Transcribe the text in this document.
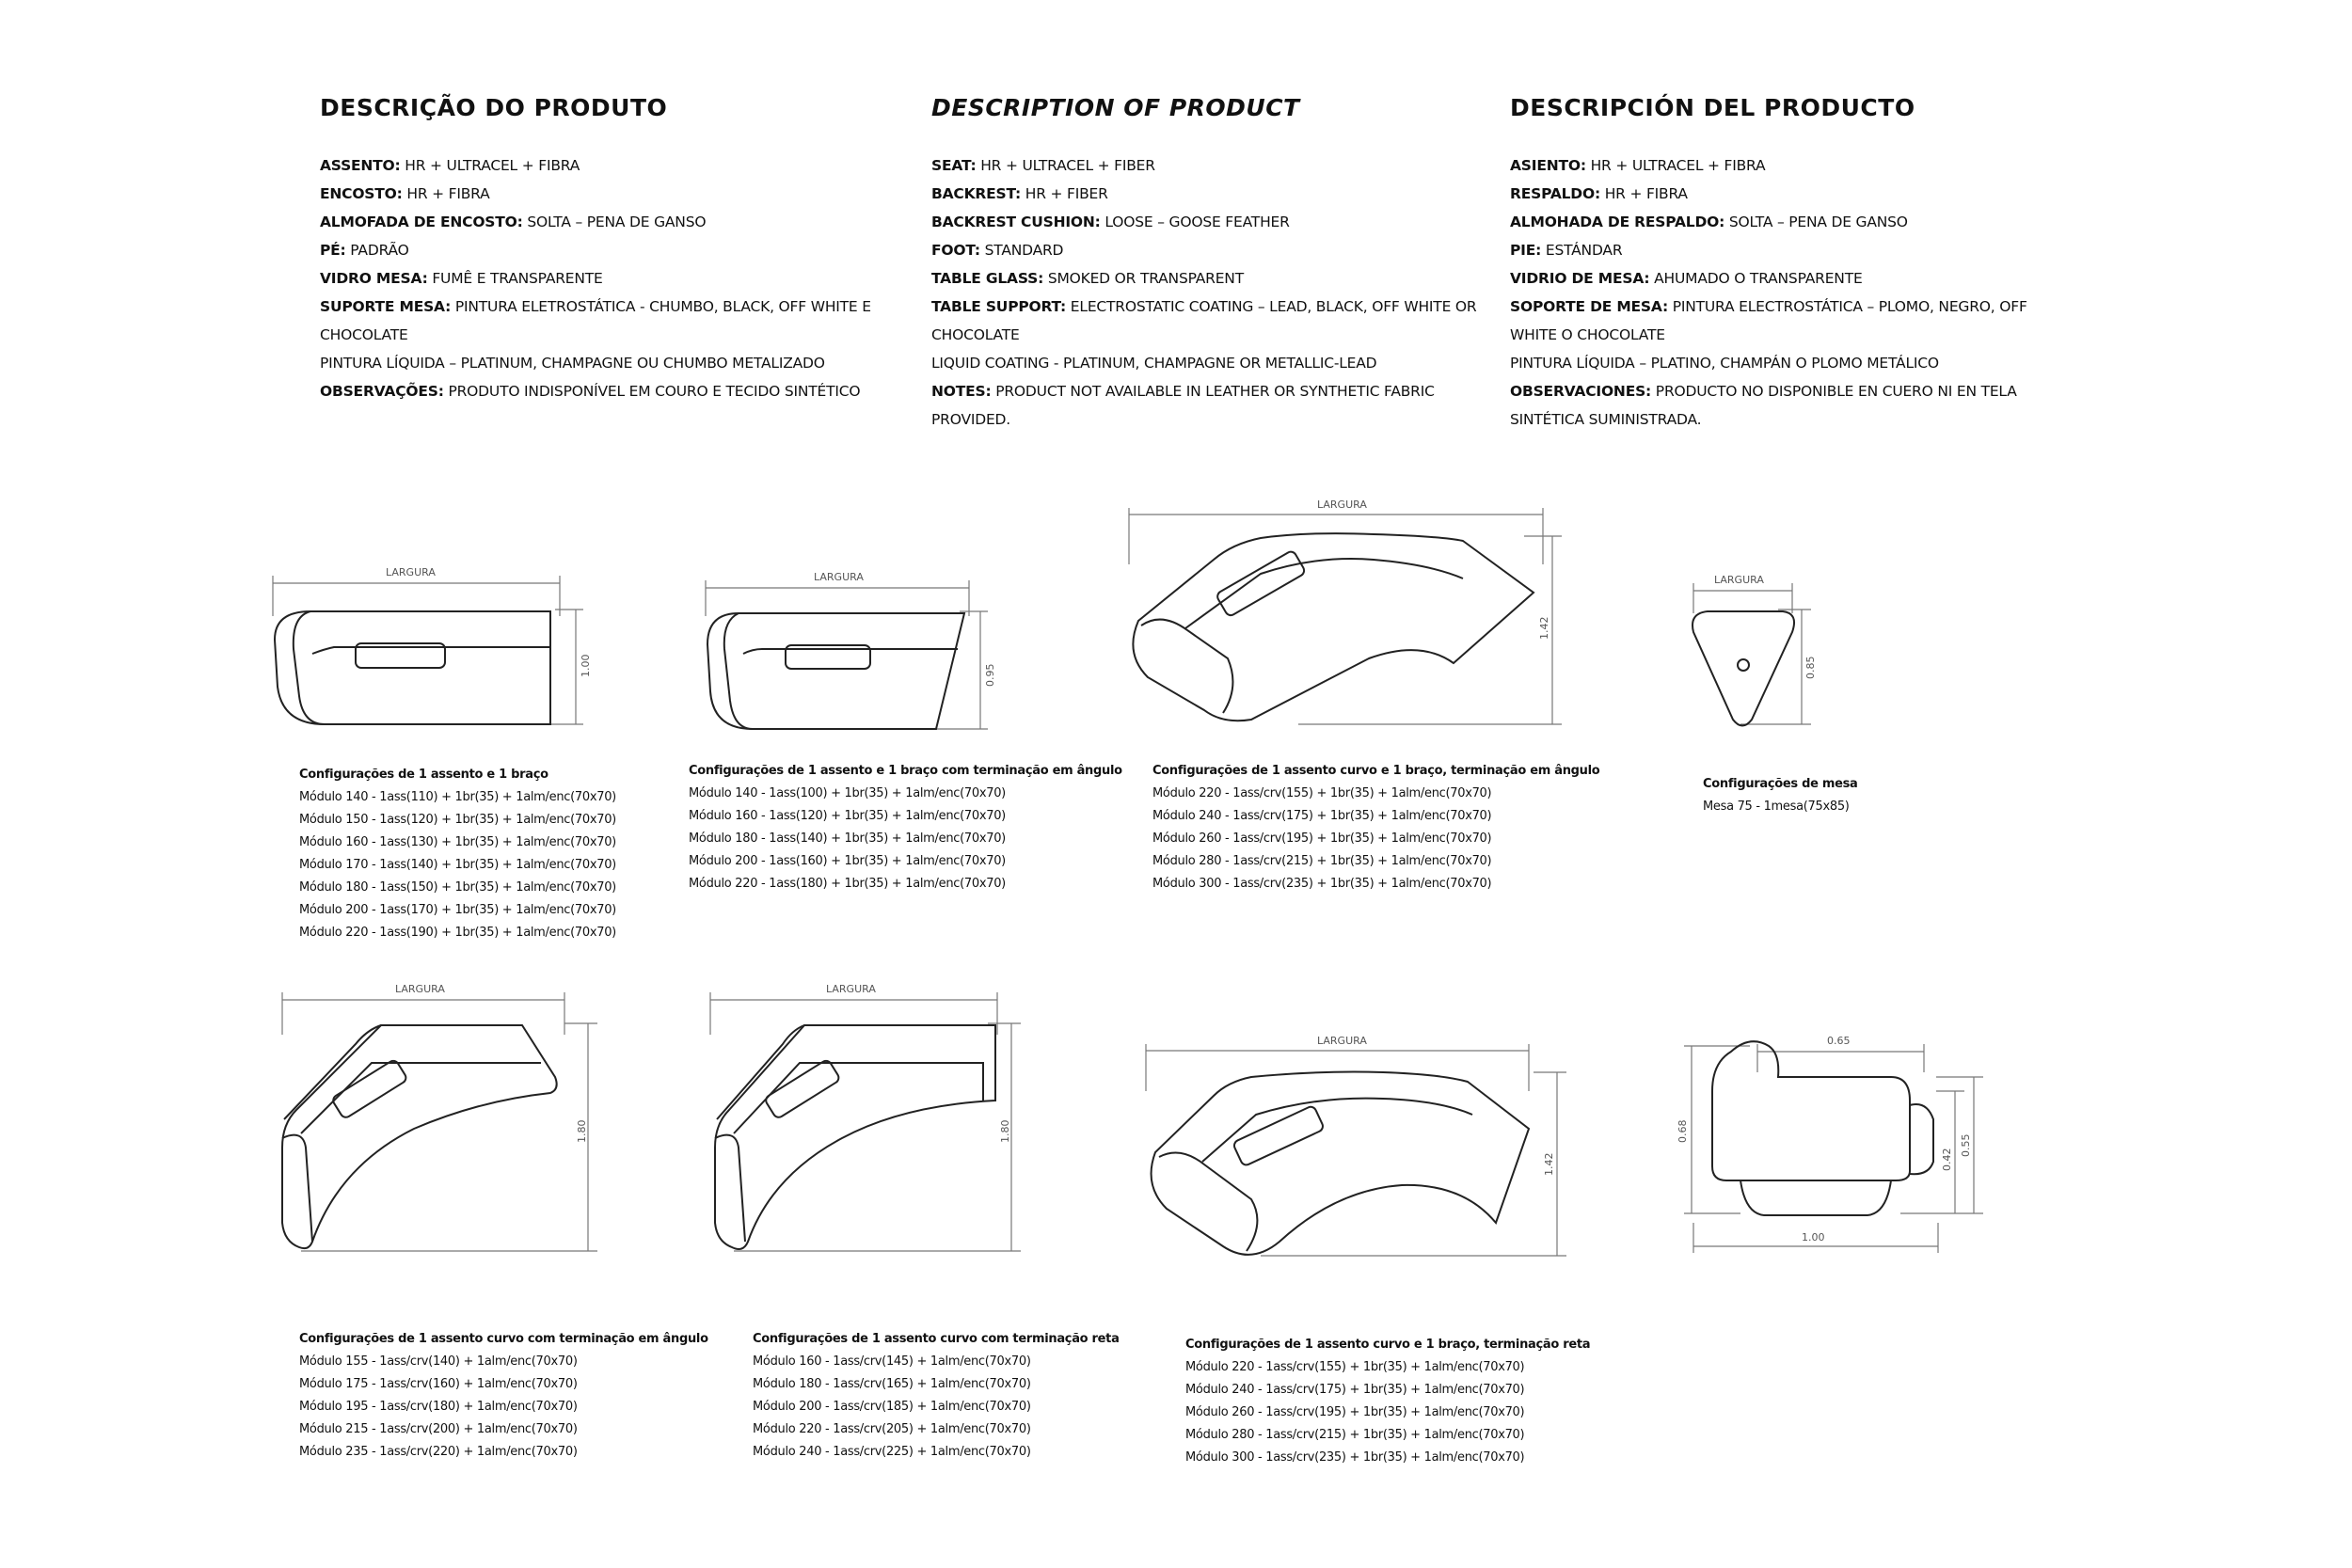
DESCRIÇÃO DO PRODUTO
ASSENTO: HR + ULTRACEL + FIBRA
ENCOSTO: HR + FIBRA
ALMOFADA DE ENCOSTO: SOLTA – PENA DE GANSO
PÉ: PADRÃO
VIDRO MESA: FUMÊ E TRANSPARENTE
SUPORTE MESA: PINTURA ELETROSTÁTICA - CHUMBO, BLACK, OFF WHITE E
CHOCOLATE
PINTURA LÍQUIDA – PLATINUM, CHAMPAGNE OU CHUMBO METALIZADO
OBSERVAÇÕES: PRODUTO INDISPONÍVEL EM COURO E TECIDO SINTÉTICO
DESCRIPTION OF PRODUCT
SEAT: HR + ULTRACEL + FIBER
BACKREST: HR + FIBER
BACKREST CUSHION: LOOSE – GOOSE FEATHER
FOOT: STANDARD
TABLE GLASS: SMOKED OR TRANSPARENT
TABLE SUPPORT: ELECTROSTATIC COATING – LEAD, BLACK, OFF WHITE OR
CHOCOLATE
LIQUID COATING - PLATINUM, CHAMPAGNE OR METALLIC-LEAD
NOTES: PRODUCT NOT AVAILABLE IN LEATHER OR SYNTHETIC FABRIC
PROVIDED.
DESCRIPCIÓN DEL PRODUCTO
ASIENTO: HR + ULTRACEL + FIBRA
RESPALDO: HR + FIBRA
ALMOHADA DE RESPALDO: SOLTA – PENA DE GANSO
PIE: ESTÁNDAR
VIDRIO DE MESA: AHUMADO O TRANSPARENTE
SOPORTE DE MESA: PINTURA ELECTROSTÁTICA – PLOMO, NEGRO, OFF
WHITE O CHOCOLATE
PINTURA LÍQUIDA – PLATINO, CHAMPÁN O PLOMO METÁLICO
OBSERVACIONES: PRODUCTO NO DISPONIBLE EN CUERO NI EN TELA
SINTÉTICA SUMINISTRADA.
LARGURA
1.00
LARGURA
0.95
LARGURA
1.42
LARGURA
0.85
LARGURA
1.80
LARGURA
1.80
LARGURA
1.42
0.65
0.68
0.55
0.42
1.00
Configurações de 1 assento e 1 braço
Módulo 140 - 1ass(110) + 1br(35) + 1alm/enc(70x70)
Módulo 150 - 1ass(120) + 1br(35) + 1alm/enc(70x70)
Módulo 160 - 1ass(130) + 1br(35) + 1alm/enc(70x70)
Módulo 170 - 1ass(140) + 1br(35) + 1alm/enc(70x70)
Módulo 180 - 1ass(150) + 1br(35) + 1alm/enc(70x70)
Módulo 200 - 1ass(170) + 1br(35) + 1alm/enc(70x70)
Módulo 220 - 1ass(190) + 1br(35) + 1alm/enc(70x70)
Configurações de 1 assento e 1 braço com terminação em ângulo
Módulo 140 - 1ass(100) + 1br(35) + 1alm/enc(70x70)
Módulo 160 - 1ass(120) + 1br(35) + 1alm/enc(70x70)
Módulo 180 - 1ass(140) + 1br(35) + 1alm/enc(70x70)
Módulo 200 - 1ass(160) + 1br(35) + 1alm/enc(70x70)
Módulo 220 - 1ass(180) + 1br(35) + 1alm/enc(70x70)
Configurações de 1 assento curvo e 1 braço, terminação em ângulo
Módulo 220 - 1ass/crv(155) + 1br(35) + 1alm/enc(70x70)
Módulo 240 - 1ass/crv(175) + 1br(35) + 1alm/enc(70x70)
Módulo 260 - 1ass/crv(195) + 1br(35) + 1alm/enc(70x70)
Módulo 280 - 1ass/crv(215) + 1br(35) + 1alm/enc(70x70)
Módulo 300 - 1ass/crv(235) + 1br(35) + 1alm/enc(70x70)
Configurações de mesa
Mesa 75 - 1mesa(75x85)
Configurações de 1 assento curvo com terminação em ângulo
Módulo 155 - 1ass/crv(140) + 1alm/enc(70x70)
Módulo 175 - 1ass/crv(160) + 1alm/enc(70x70)
Módulo 195 - 1ass/crv(180) + 1alm/enc(70x70)
Módulo 215 - 1ass/crv(200) + 1alm/enc(70x70)
Módulo 235 - 1ass/crv(220) + 1alm/enc(70x70)
Configurações de 1 assento curvo com terminação reta
Módulo 160 - 1ass/crv(145) + 1alm/enc(70x70)
Módulo 180 - 1ass/crv(165) + 1alm/enc(70x70)
Módulo 200 - 1ass/crv(185) + 1alm/enc(70x70)
Módulo 220 - 1ass/crv(205) + 1alm/enc(70x70)
Módulo 240 - 1ass/crv(225) + 1alm/enc(70x70)
Configurações de 1 assento curvo e 1 braço, terminação reta
Módulo 220 - 1ass/crv(155) + 1br(35) + 1alm/enc(70x70)
Módulo 240 - 1ass/crv(175) + 1br(35) + 1alm/enc(70x70)
Módulo 260 - 1ass/crv(195) + 1br(35) + 1alm/enc(70x70)
Módulo 280 - 1ass/crv(215) + 1br(35) + 1alm/enc(70x70)
Módulo 300 - 1ass/crv(235) + 1br(35) + 1alm/enc(70x70)
